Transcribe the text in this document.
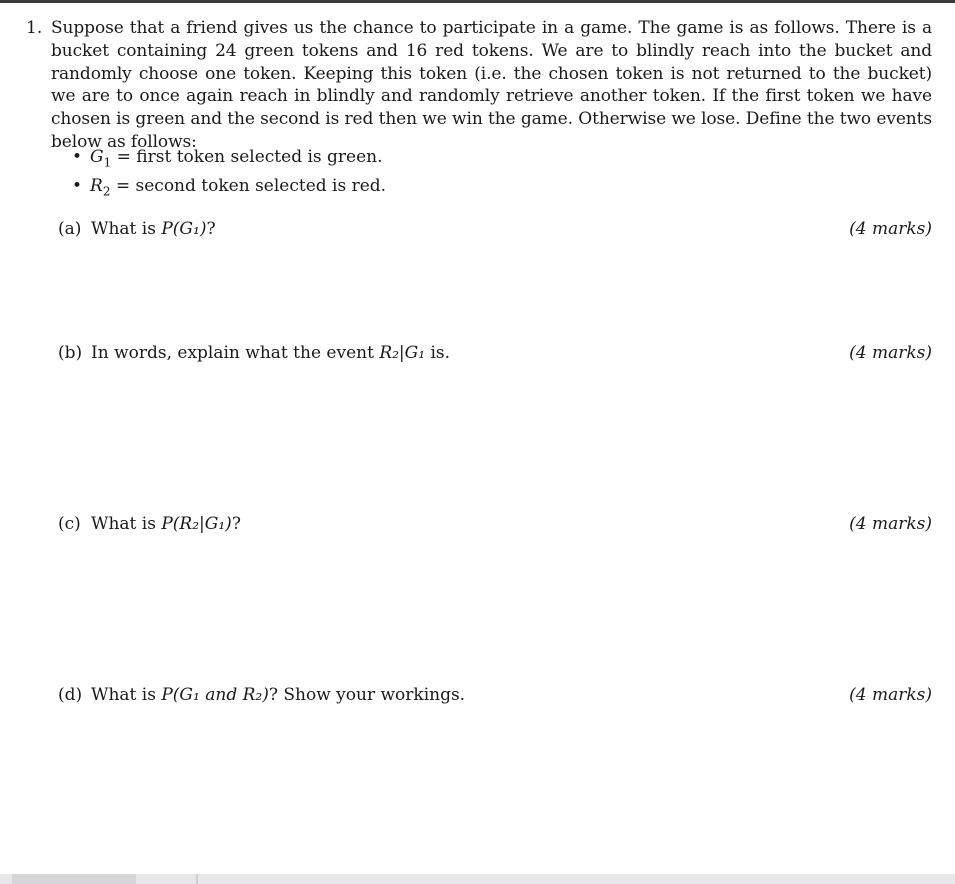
1. Suppose that a friend gives us the chance to participate in a game. The game is as follows. There is a bucket containing 24 green tokens and 16 red tokens. We are to blindly reach into the bucket and randomly choose one token. Keeping this token (i.e. the chosen token is not returned to the bucket) we are to once again reach in blindly and randomly retrieve another token. If the first token we have chosen is green and the second is red then we win the game. Otherwise we lose. Define the two events below as follows:
• $G_1$ = first token selected is green.
• $R_2$ = second token selected is red.
(a) What is P(G₁)?	(4 marks)
(b) In words, explain what the event R₂|G₁ is.	(4 marks)
(c) What is P(R₂|G₁)?	(4 marks)
(d) What is P(G₁ and R₂)? Show your workings.	(4 marks)
